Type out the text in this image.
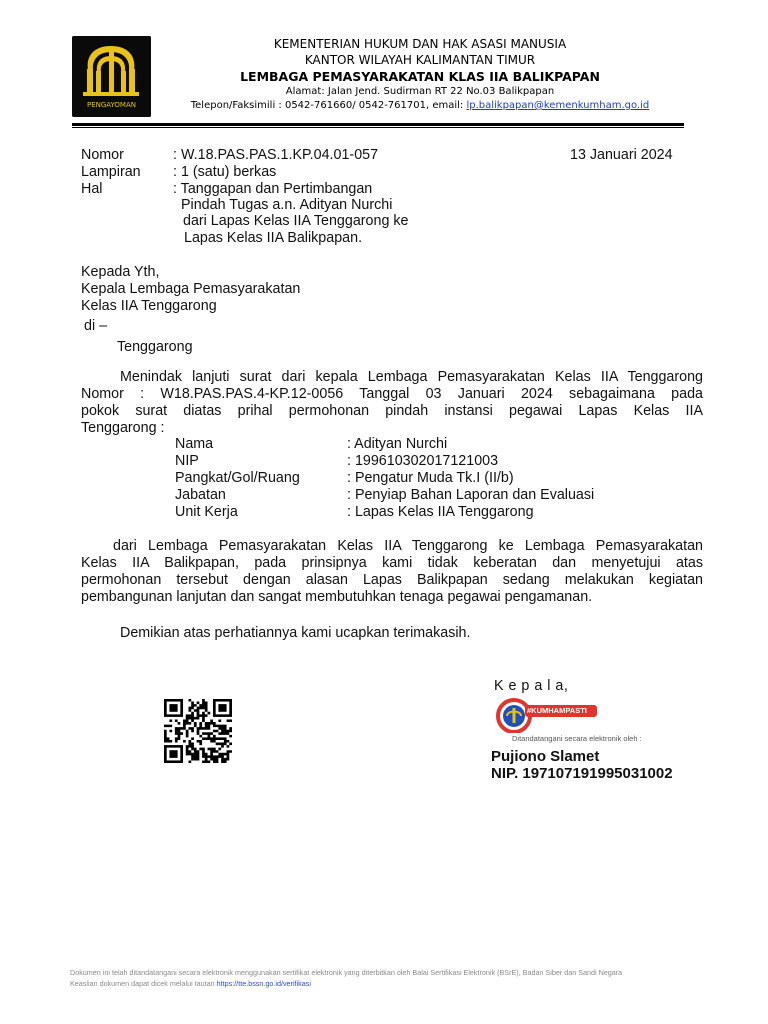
PENGAYOMAN
KEMENTERIAN HUKUM DAN HAK ASASI MANUSIA
KANTOR WILAYAH KALIMANTAN TIMUR
LEMBAGA PEMASYARAKATAN KLAS IIA BALIKPAPAN
Alamat: Jalan Jend. Sudirman RT 22 No.03 Balikpapan
Telepon/Faksimili : 0542-761660/ 0542-761701, email: lp.balikpapan@kemenkumham.go.id
Nomor	: W.18.PAS.PAS.1.KP.04.01-057	13 Januari 2024
Lampiran : 1 (satu) berkas
Hal	: Tanggapan dan Pertimbangan
Pindah Tugas a.n. Adityan Nurchi
dari Lapas Kelas IIA Tenggarong ke
Lapas Kelas IIA Balikpapan.
Kepada Yth,
Kepala Lembaga Pemasyarakatan
Kelas IIA Tenggarong
di –
Tenggarong
Menindak lanjuti surat dari kepala Lembaga Pemasyarakatan Kelas IIA Tenggarong
Nomor : W18.PAS.PAS.4-KP.12-0056 Tanggal 03 Januari 2024 sebagaimana pada
pokok surat diatas prihal permohonan pindah instansi pegawai Lapas Kelas IIA
Tenggarong :
Nama	: Adityan Nurchi
NIP	: 199610302017121003
Pangkat/Gol/Ruang	: Pengatur Muda Tk.I (II/b)
Jabatan	: Penyiap Bahan Laporan dan Evaluasi
Unit Kerja	: Lapas Kelas IIA Tenggarong
dari Lembaga Pemasyarakatan Kelas IIA Tenggarong ke Lembaga Pemasyarakatan
Kelas IIA Balikpapan, pada prinsipnya kami tidak keberatan dan menyetujui atas
permohonan tersebut dengan alasan Lapas Balikpapan sedang melakukan kegiatan
pembangunan lanjutan dan sangat membutuhkan tenaga pegawai pengamanan.
Demikian atas perhatiannya kami ucapkan terimakasih.
K e p a l a,
#KUMHAMPASTI
Ditandatangani secara elektronik oleh :
Pujiono Slamet
NIP. 197107191995031002
Dokumen ini telah ditandatangani secara elektronik menggunakan sertifikat elektronik yang diterbitkan oleh Balai Sertifikasi Elektronik (BSrE), Badan Siber dan Sandi Negara
Keaslian dokumen dapat dicek melalui tautan https://tte.bssn.go.id/verifikasi
